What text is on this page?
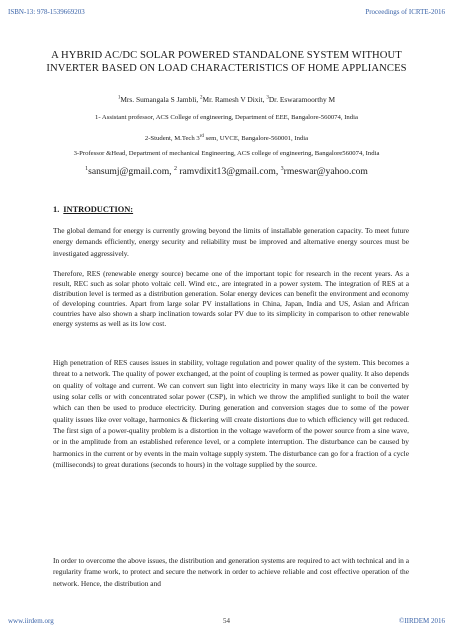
ISBN-13: 978-1539669203	Proceedings of ICRTE-2016
A HYBRID AC/DC SOLAR POWERED STANDALONE SYSTEM WITHOUT INVERTER BASED ON LOAD CHARACTERISTICS OF HOME APPLIANCES
$^1$Mrs. Sumangala S Jambli, $^2$Mr. Ramesh V Dixit, $^3$Dr. Eswaramoorthy M
1- Assistant professor, ACS College of engineering, Department of EEE, Bangalore-560074, India
2-Student, M.Tech 3rd sem, UVCE, Bangalore-560001, India
3-Professor &Head, Department of mechanical Engineering, ACS college of engineering, Bangalore560074, India
$^1$sansumj@gmail.com, $^2$ ramvdixit13@gmail.com, $^3$rmeswar@yahoo.com
1. INTRODUCTION:

The global demand for energy is currently growing beyond the limits of installable generation capacity. To meet future energy demands efficiently, energy security and reliability must be improved and alternative energy sources must be investigated aggressively.

Therefore, RES (renewable energy source) became one of the important topic for research in the recent years. As a result, REC such as solar photo voltaic cell. Wind etc., are integrated in a power system. The integration of RES at a distribution level is termed as a distribution generation. Solar energy devices can benefit the environment and economy of developing countries. Apart from large solar PV installations in China, Japan, India and US, Asian and African countries have also shown a sharp inclination towards solar PV due to its simplicity in comparison to other renewable energy systems as well as its low cost.

High penetration of RES causes issues in stability, voltage regulation and power quality of the system. This becomes a threat to a network. The quality of power exchanged, at the point of coupling is termed as power quality. It also depends on quality of voltage and current. We can convert sun light into electricity in many ways like it can be converted by using solar cells or with concentrated solar power (CSP), in which we throw the amplified sunlight to boil the water which can then be used to produce electricity. During generation and conversion stages due to some of the power quality issues like over voltage, harmonics & flickering will create distortions due to which efficiency will get reduced. The first sign of a power-quality problem is a distortion in the voltage waveform of the power source from a sine wave, or in the amplitude from an established reference level, or a complete interruption. The disturbance can be caused by harmonics in the current or by events in the main voltage supply system. The disturbance can go for a fraction of a cycle (milliseconds) to great durations (seconds to hours) in the voltage supplied by the source.

In order to overcome the above issues, the distribution and generation systems are required to act with technical and in a regularity frame work, to protect and secure the network in order to achieve reliable and cost effective operation of the network. Hence, the distribution and

www.iirdem.org	54	©IIRDEM 2016
